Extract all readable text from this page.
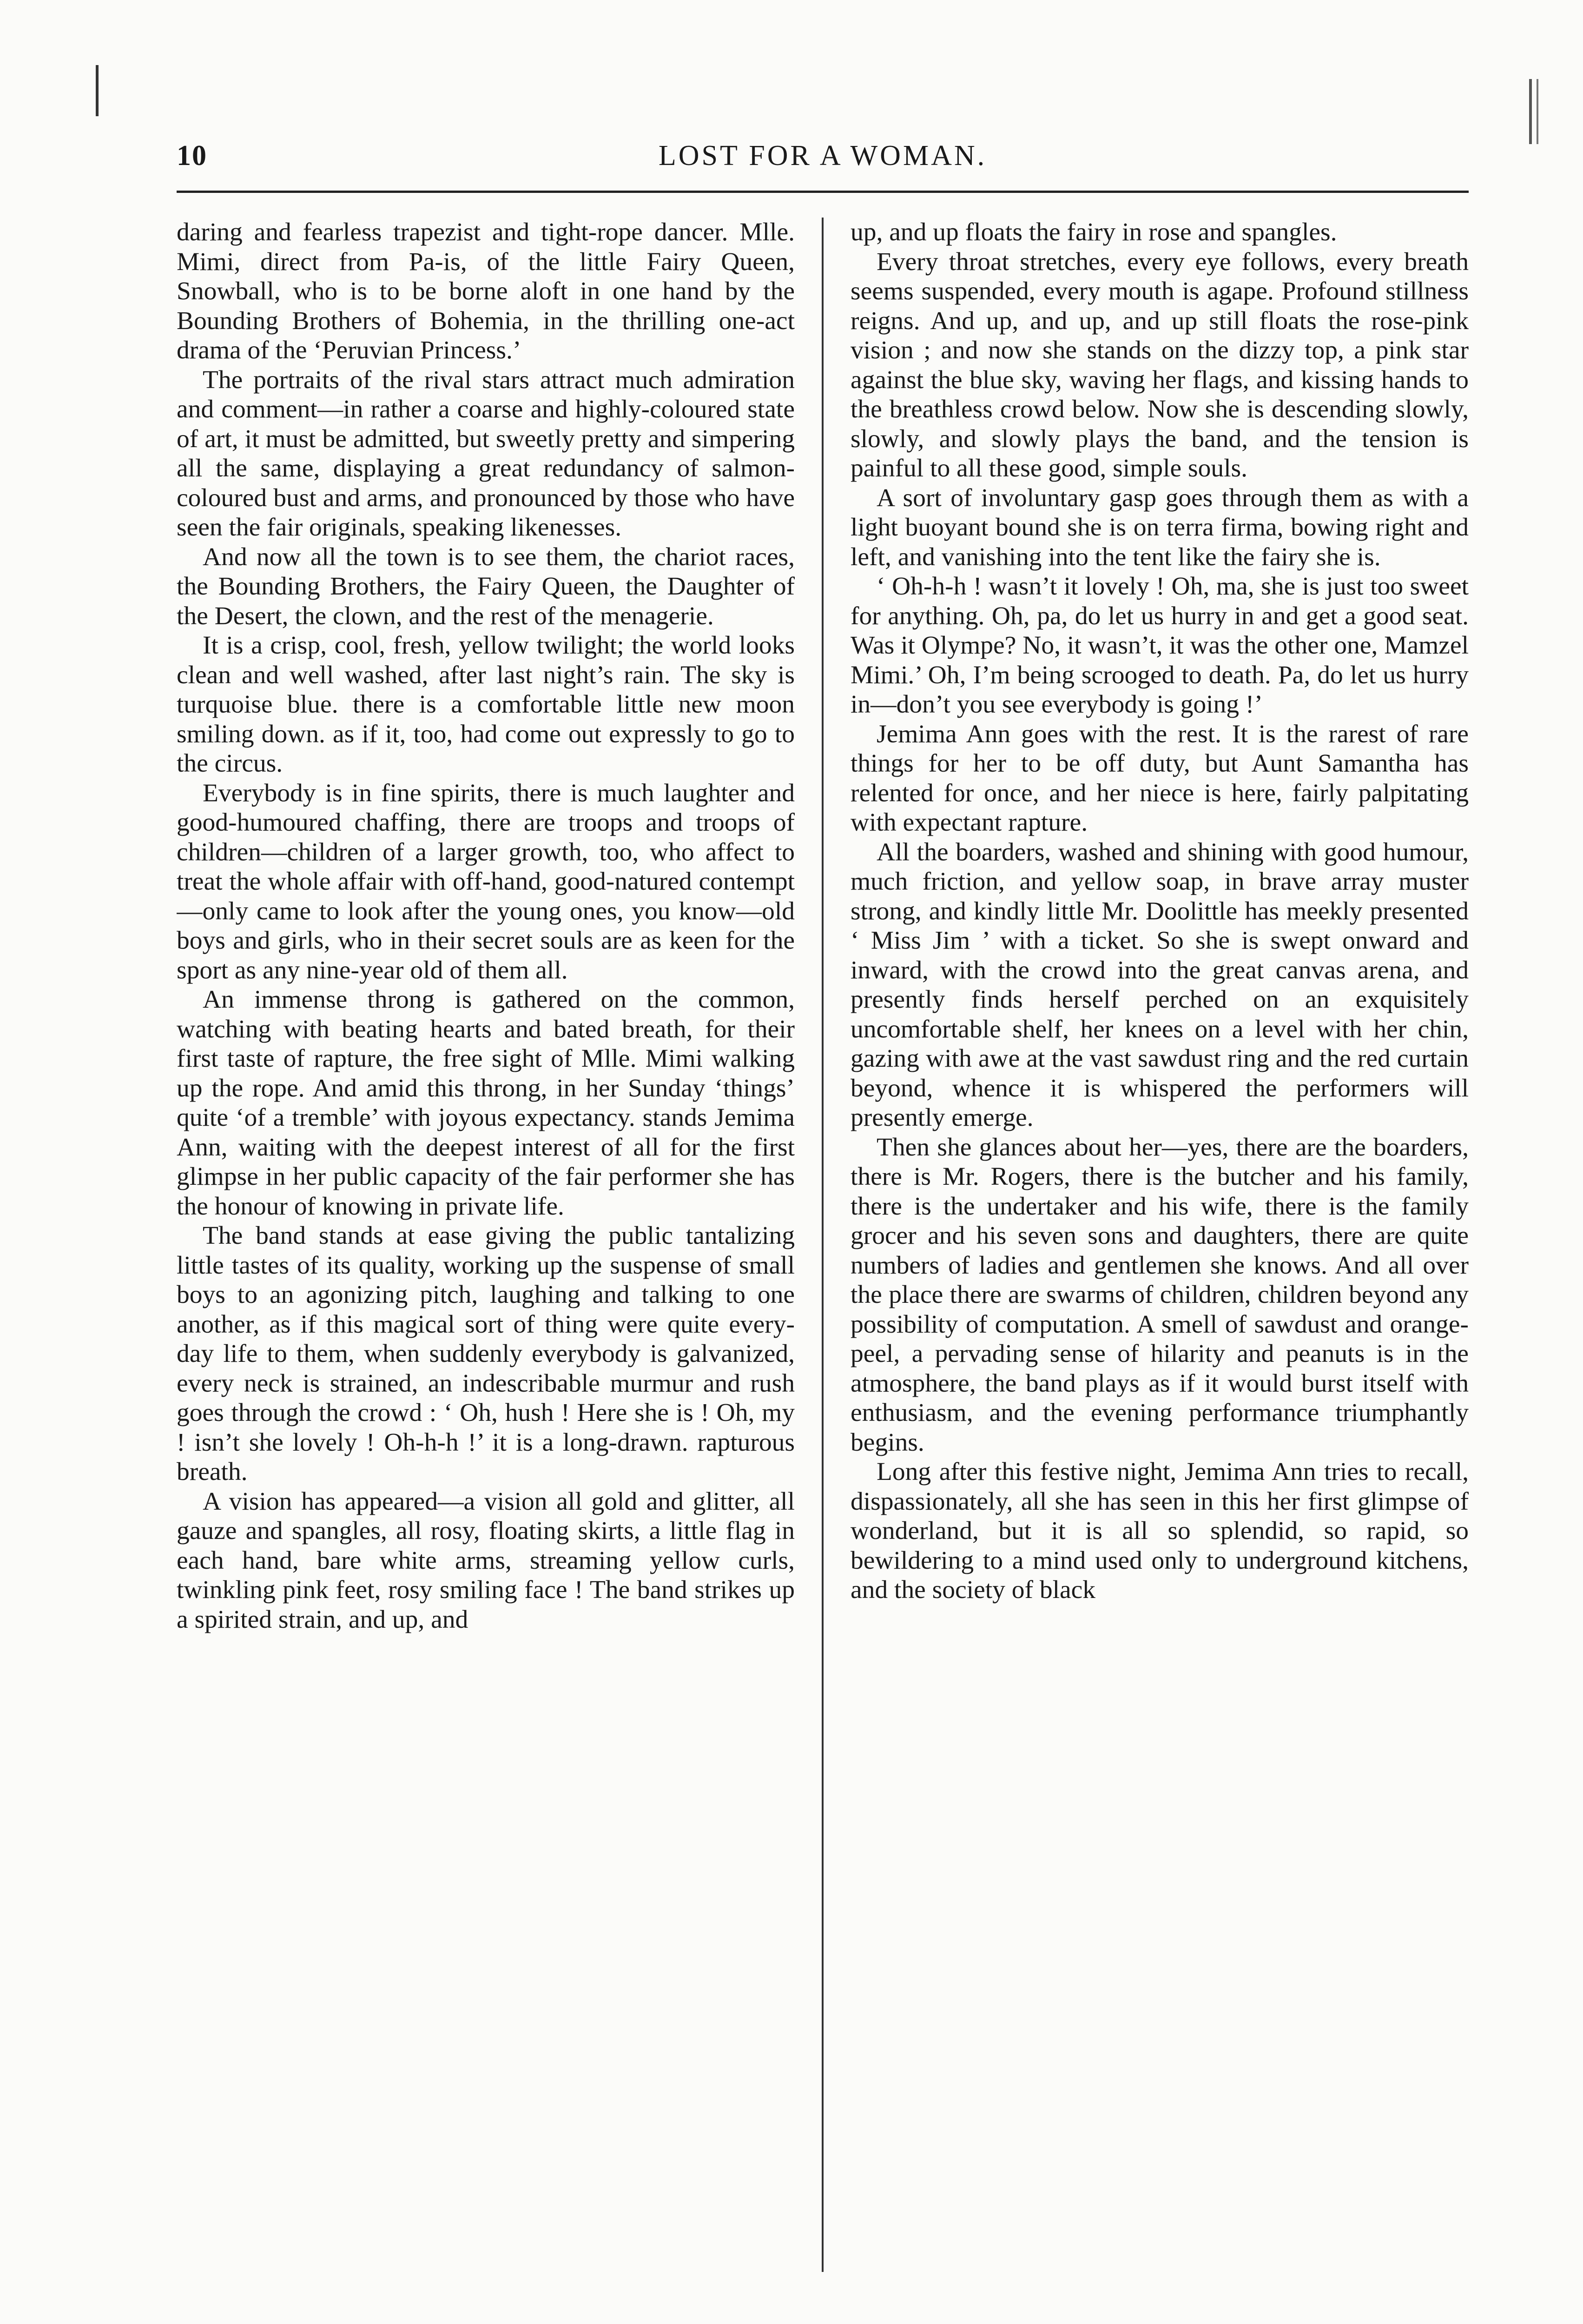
10	LOST FOR A WOMAN.

daring and fearless trapezist and tight-rope dancer. Mlle. Mimi, direct from Pa-is, of the little Fairy Queen, Snowball, who is to be borne aloft in one hand by the Bounding Brothers of Bohemia, in the thrilling one-act drama of the ‘Peruvian Princess.’

The portraits of the rival stars attract much admiration and comment—in rather a coarse and highly-coloured state of art, it must be admitted, but sweetly pretty and simpering all the same, displaying a great redundancy of salmon-coloured bust and arms, and pronounced by those who have seen the fair originals, speaking likenesses.

And now all the town is to see them, the chariot races, the Bounding Brothers, the Fairy Queen, the Daughter of the Desert, the clown, and the rest of the menagerie.

It is a crisp, cool, fresh, yellow twilight; the world looks clean and well washed, after last night’s rain. The sky is turquoise blue. there is a comfortable little new moon smiling down. as if it, too, had come out expressly to go to the circus.

Everybody is in fine spirits, there is much laughter and good-humoured chaffing, there are troops and troops of children—children of a larger growth, too, who affect to treat the whole affair with off-hand, good-natured contempt—only came to look after the young ones, you know—old boys and girls, who in their secret souls are as keen for the sport as any nine-year old of them all.

An immense throng is gathered on the common, watching with beating hearts and bated breath, for their first taste of rapture, the free sight of Mlle. Mimi walking up the rope. And amid this throng, in her Sunday ‘things’ quite ‘of a tremble’ with joyous expectancy. stands Jemima Ann, waiting with the deepest interest of all for the first glimpse in her public capacity of the fair performer she has the honour of knowing in private life.

The band stands at ease giving the public tantalizing little tastes of its quality, working up the suspense of small boys to an agonizing pitch, laughing and talking to one another, as if this magical sort of thing were quite every-day life to them, when suddenly everybody is galvanized, every neck is strained, an indescribable murmur and rush goes through the crowd : ‘ Oh, hush ! Here she is ! Oh, my ! isn’t she lovely ! Oh-h-h !’ it is a long-drawn. rapturous breath.

A vision has appeared—a vision all gold and glitter, all gauze and spangles, all rosy, floating skirts, a little flag in each hand, bare white arms, streaming yellow curls, twinkling pink feet, rosy smiling face ! The band strikes up a spirited strain, and up, and

up, and up floats the fairy in rose and spangles.

Every throat stretches, every eye follows, every breath seems suspended, every mouth is agape. Profound stillness reigns. And up, and up, and up still floats the rose-pink vision ; and now she stands on the dizzy top, a pink star against the blue sky, waving her flags, and kissing hands to the breathless crowd below. Now she is descending slowly, slowly, and slowly plays the band, and the tension is painful to all these good, simple souls.

A sort of involuntary gasp goes through them as with a light buoyant bound she is on terra firma, bowing right and left, and vanishing into the tent like the fairy she is.

‘ Oh-h-h ! wasn’t it lovely ! Oh, ma, she is just too sweet for anything. Oh, pa, do let us hurry in and get a good seat. Was it Olympe? No, it wasn’t, it was the other one, Mamzel Mimi.’ Oh, I’m being scrooged to death. Pa, do let us hurry in—don’t you see everybody is going !’

Jemima Ann goes with the rest. It is the rarest of rare things for her to be off duty, but Aunt Samantha has relented for once, and her niece is here, fairly palpitating with expectant rapture.

All the boarders, washed and shining with good humour, much friction, and yellow soap, in brave array muster strong, and kindly little Mr. Doolittle has meekly presented ‘ Miss Jim ’ with a ticket. So she is swept onward and inward, with the crowd into the great canvas arena, and presently finds herself perched on an exquisitely uncomfortable shelf, her knees on a level with her chin, gazing with awe at the vast sawdust ring and the red curtain beyond, whence it is whispered the performers will presently emerge.

Then she glances about her—yes, there are the boarders, there is Mr. Rogers, there is the butcher and his family, there is the undertaker and his wife, there is the family grocer and his seven sons and daughters, there are quite numbers of ladies and gentlemen she knows. And all over the place there are swarms of children, children beyond any possibility of computation. A smell of sawdust and orange-peel, a pervading sense of hilarity and peanuts is in the atmosphere, the band plays as if it would burst itself with enthusiasm, and the evening performance triumphantly begins.

Long after this festive night, Jemima Ann tries to recall, dispassionately, all she has seen in this her first glimpse of wonderland, but it is all so splendid, so rapid, so bewildering to a mind used only to underground kitchens, and the society of black
